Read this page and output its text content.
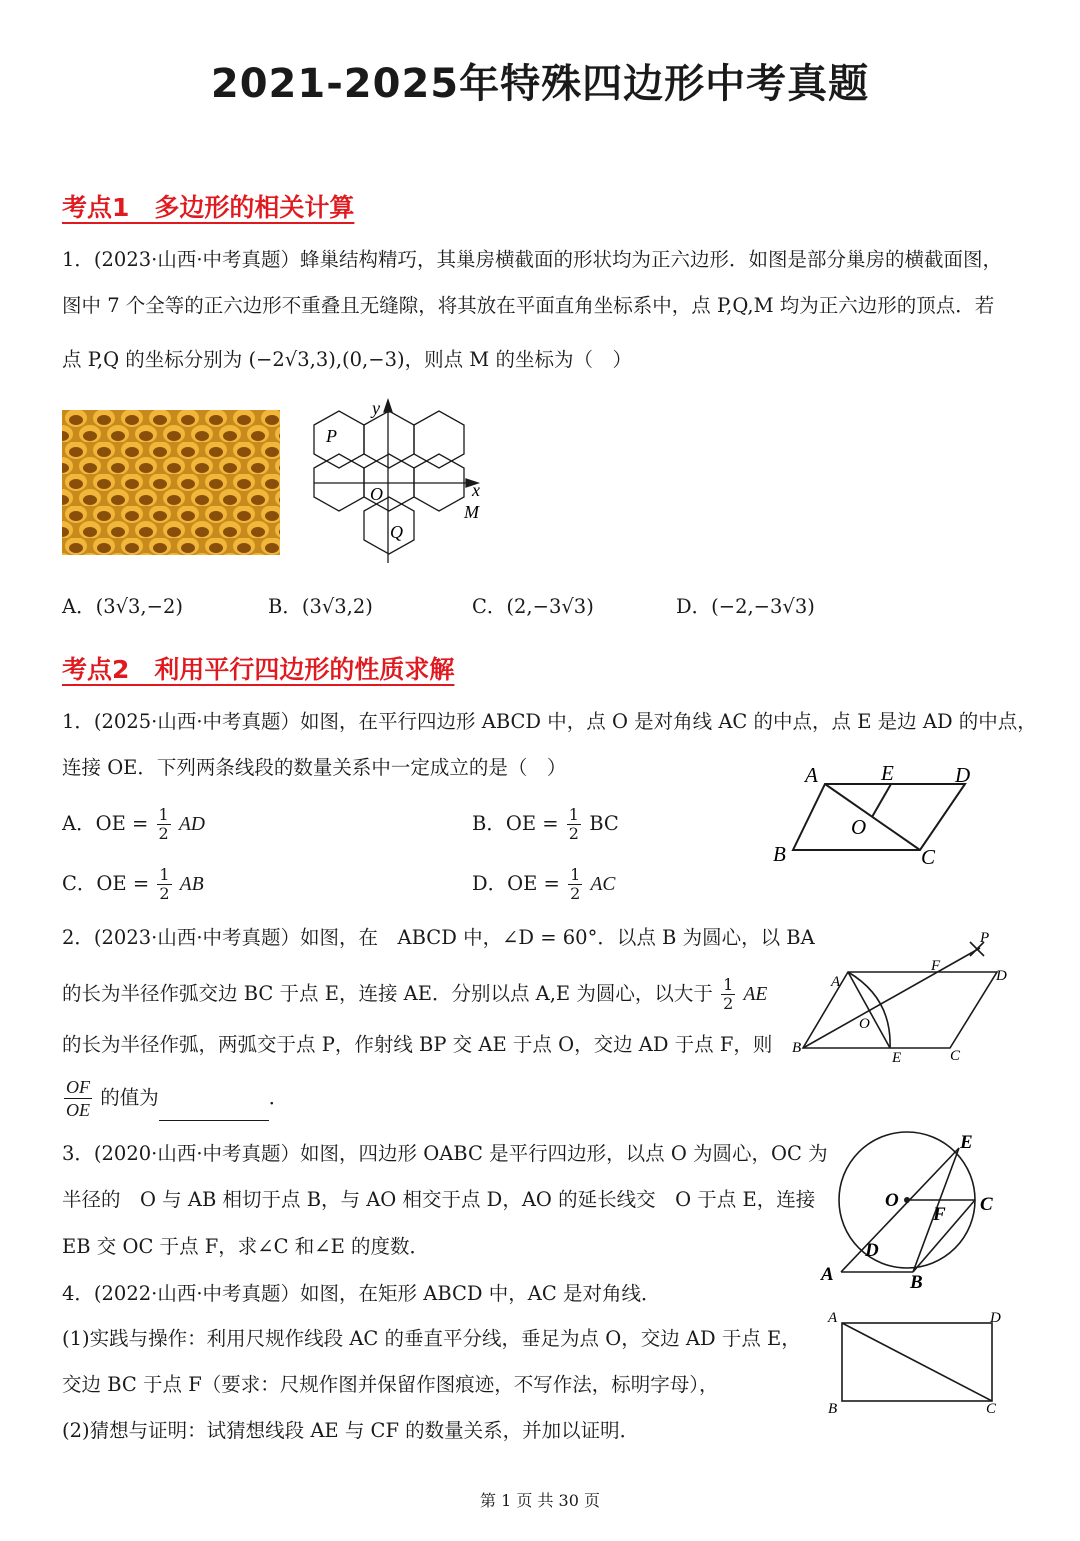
2021-2025年特殊四边形中考真题
考点1　多边形的相关计算
1．(2023·山西·中考真题）蜂巢结构精巧，其巢房横截面的形状均为正六边形．如图是部分巢房的横截面图，
图中 7 个全等的正六边形不重叠且无缝隙，将其放在平面直角坐标系中，点 P,Q,M 均为正六边形的顶点．若
点 P,Q 的坐标分别为 (−2√3,3),(0,−3)，则点 M 的坐标为（　）
y
x
P
O
Q
M
A．(3√3,−2)	B．(3√3,2)	C．(2,−3√3)	D．(−2,−3√3)
考点2　利用平行四边形的性质求解
1．(2025·山西·中考真题）如图，在平行四边形 ABCD 中，点 O 是对角线 AC 的中点，点 E 是边 AD 的中点，
连接 OE．下列两条线段的数量关系中一定成立的是（　）
A．OE = $\frac{1}{2}$ AD	B．OE = $\frac{1}{2}$ BC
C．OE = $\frac{1}{2}$ AB	D．OE = $\frac{1}{2}$ AC
A	E	D
O
B	C
2．(2023·山西·中考真题）如图，在　ABCD 中，∠D = 60°．以点 B 为圆心，以 BA
的长为半径作弧交边 BC 于点 E，连接 AE．分别以点 A,E 为圆心，以大于 $\frac{1}{2}$ AE
的长为半径作弧，两弧交于点 P，作射线 BP 交 AE 于点 O，交边 AD 于点 F，则
$\frac{OF}{OE}$ 的值为	．
P
A
F
D
O
B
E	C
3．(2020·山西·中考真题）如图，四边形 OABC 是平行四边形，以点 O 为圆心，OC 为
半径的　O 与 AB 相切于点 B，与 AO 相交于点 D，AO 的延长线交　O 于点 E，连接
EB 交 OC 于点 F，求∠C 和∠E 的度数．
E
O	C
F
D
A	B
4．(2022·山西·中考真题）如图，在矩形 ABCD 中，AC 是对角线．
(1)实践与操作：利用尺规作线段 AC 的垂直平分线，垂足为点 O，交边 AD 于点 E，
交边 BC 于点 F（要求：尺规作图并保留作图痕迹，不写作法，标明字母），
(2)猜想与证明：试猜想线段 AE 与 CF 的数量关系，并加以证明．
A	D
B	C
第 1 页 共 30 页
